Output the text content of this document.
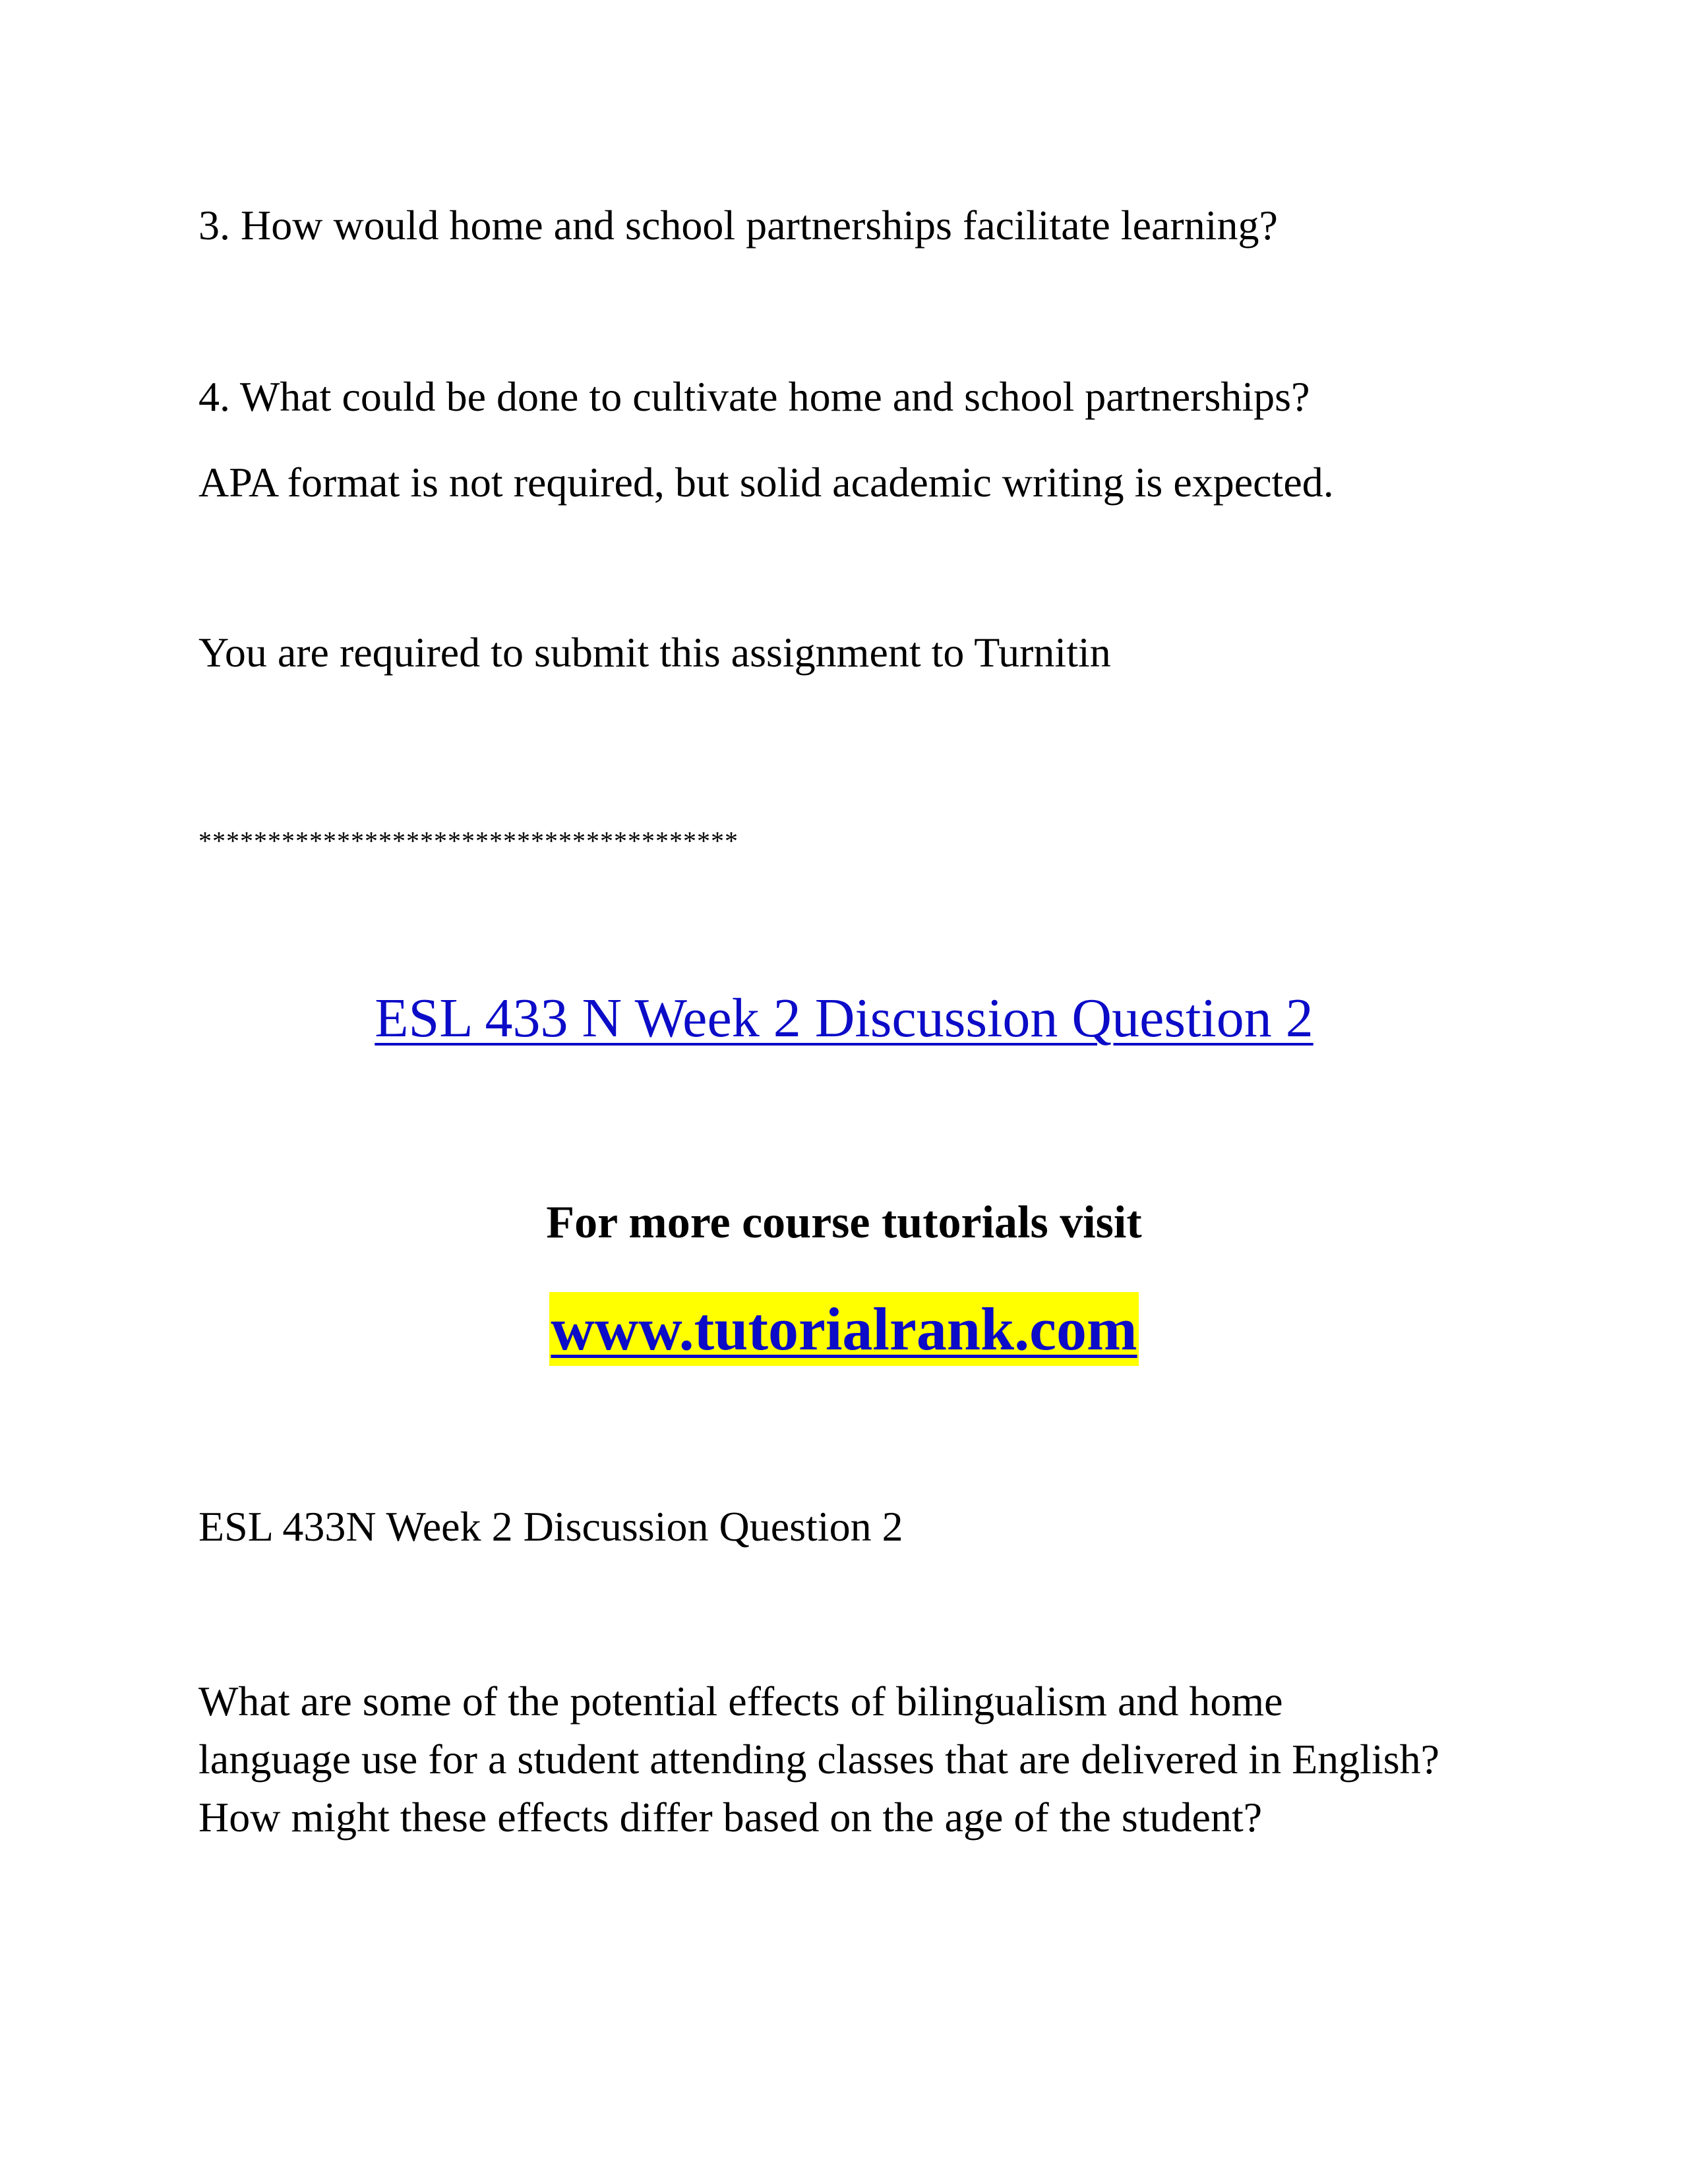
3. How would home and school partnerships facilitate learning?

4. What could be done to cultivate home and school partnerships?

APA format is not required, but solid academic writing is expected.

You are required to submit this assignment to Turnitin

***************************************
ESL 433 N Week 2 Discussion Question 2

For more course tutorials visit

www.tutorialrank.com

ESL 433N Week 2 Discussion Question 2

What are some of the potential effects of bilingualism and home
language use for a student attending classes that are delivered in English?
How might these effects differ based on the age of the student?
